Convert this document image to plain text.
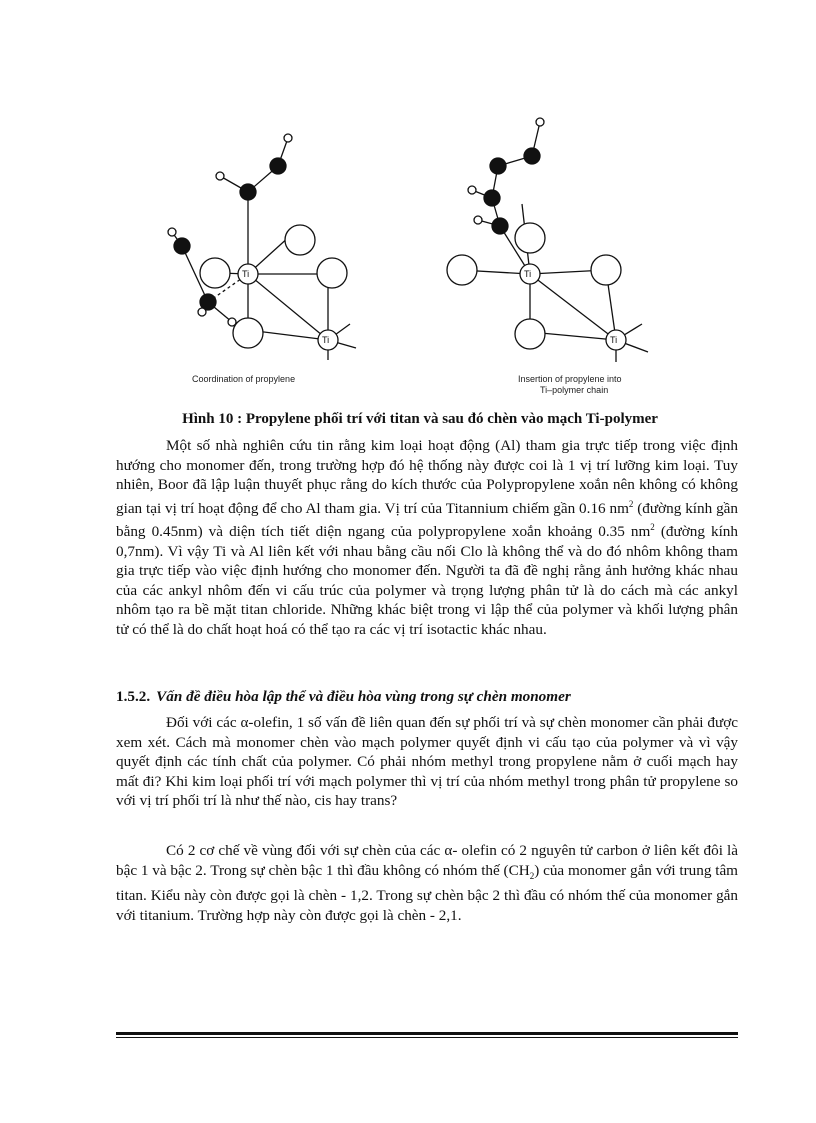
Ti
Ti
Ti
Ti
Coordination of propylene	Insertion of propylene into
Ti–polymer chain
Hình 10 : Propylene phối trí với titan và sau đó chèn vào mạch Ti-polymer

Một số nhà nghiên cứu tin rằng kim loại hoạt động (Al) tham gia trực tiếp trong việc định hướng cho monomer đến, trong trường hợp đó hệ thống này được coi là 1 vị trí lưỡng kim loại. Tuy nhiên, Boor đã lập luận thuyết phục rằng do kích thước của Polypropylene xoắn nên không có không gian tại vị trí hoạt động để cho Al tham gia. Vị trí của Titannium chiếm gần 0.16 $nm^2$ (đường kính gần bằng 0.45nm) và diện tích tiết diện ngang của polypropylene xoắn khoảng 0.35 $nm^2$ (đường kính 0,7nm). Vì vậy Ti và Al liên kết với nhau bằng cầu nối Clo là không thể và do đó nhôm không tham gia trực tiếp vào việc định hướng cho monomer đến. Người ta đã đề nghị rằng ảnh hưởng khác nhau của các ankyl nhôm đến vi cấu trúc của polymer và trọng lượng phân tử là do cách mà các ankyl nhôm tạo ra bề mặt titan chloride. Những khác biệt trong vi lập thể của polymer và khối lượng phân tử có thể là do chất hoạt hoá có thể tạo ra các vị trí isotactic khác nhau.

1.5.2. Vấn đề điều hòa lập thể và điều hòa vùng trong sự chèn monomer

Đối với các α-olefin, 1 số vấn đề liên quan đến sự phối trí và sự chèn monomer cần phải được xem xét. Cách mà monomer chèn vào mạch polymer quyết định vi cấu tạo của polymer và vì vậy quyết định các tính chất của polymer. Có phải nhóm methyl trong propylene nằm ở cuối mạch hay mất đi? Khi kim loại phối trí với mạch polymer thì vị trí của nhóm methyl trong phân tử propylene so với vị trí phối trí là như thế nào, cis hay trans?

Có 2 cơ chế về vùng đối với sự chèn của các α- olefin có 2 nguyên tử carbon ở liên kết đôi là bậc 1 và bậc 2. Trong sự chèn bậc 1 thì đầu không có nhóm thế $(CH_2)$ của monomer gắn với trung tâm titan. Kiểu này còn được gọi là chèn - 1,2. Trong sự chèn bậc 2 thì đầu có nhóm thế của monomer gắn với titanium. Trường hợp này còn được gọi là chèn - 2,1.
